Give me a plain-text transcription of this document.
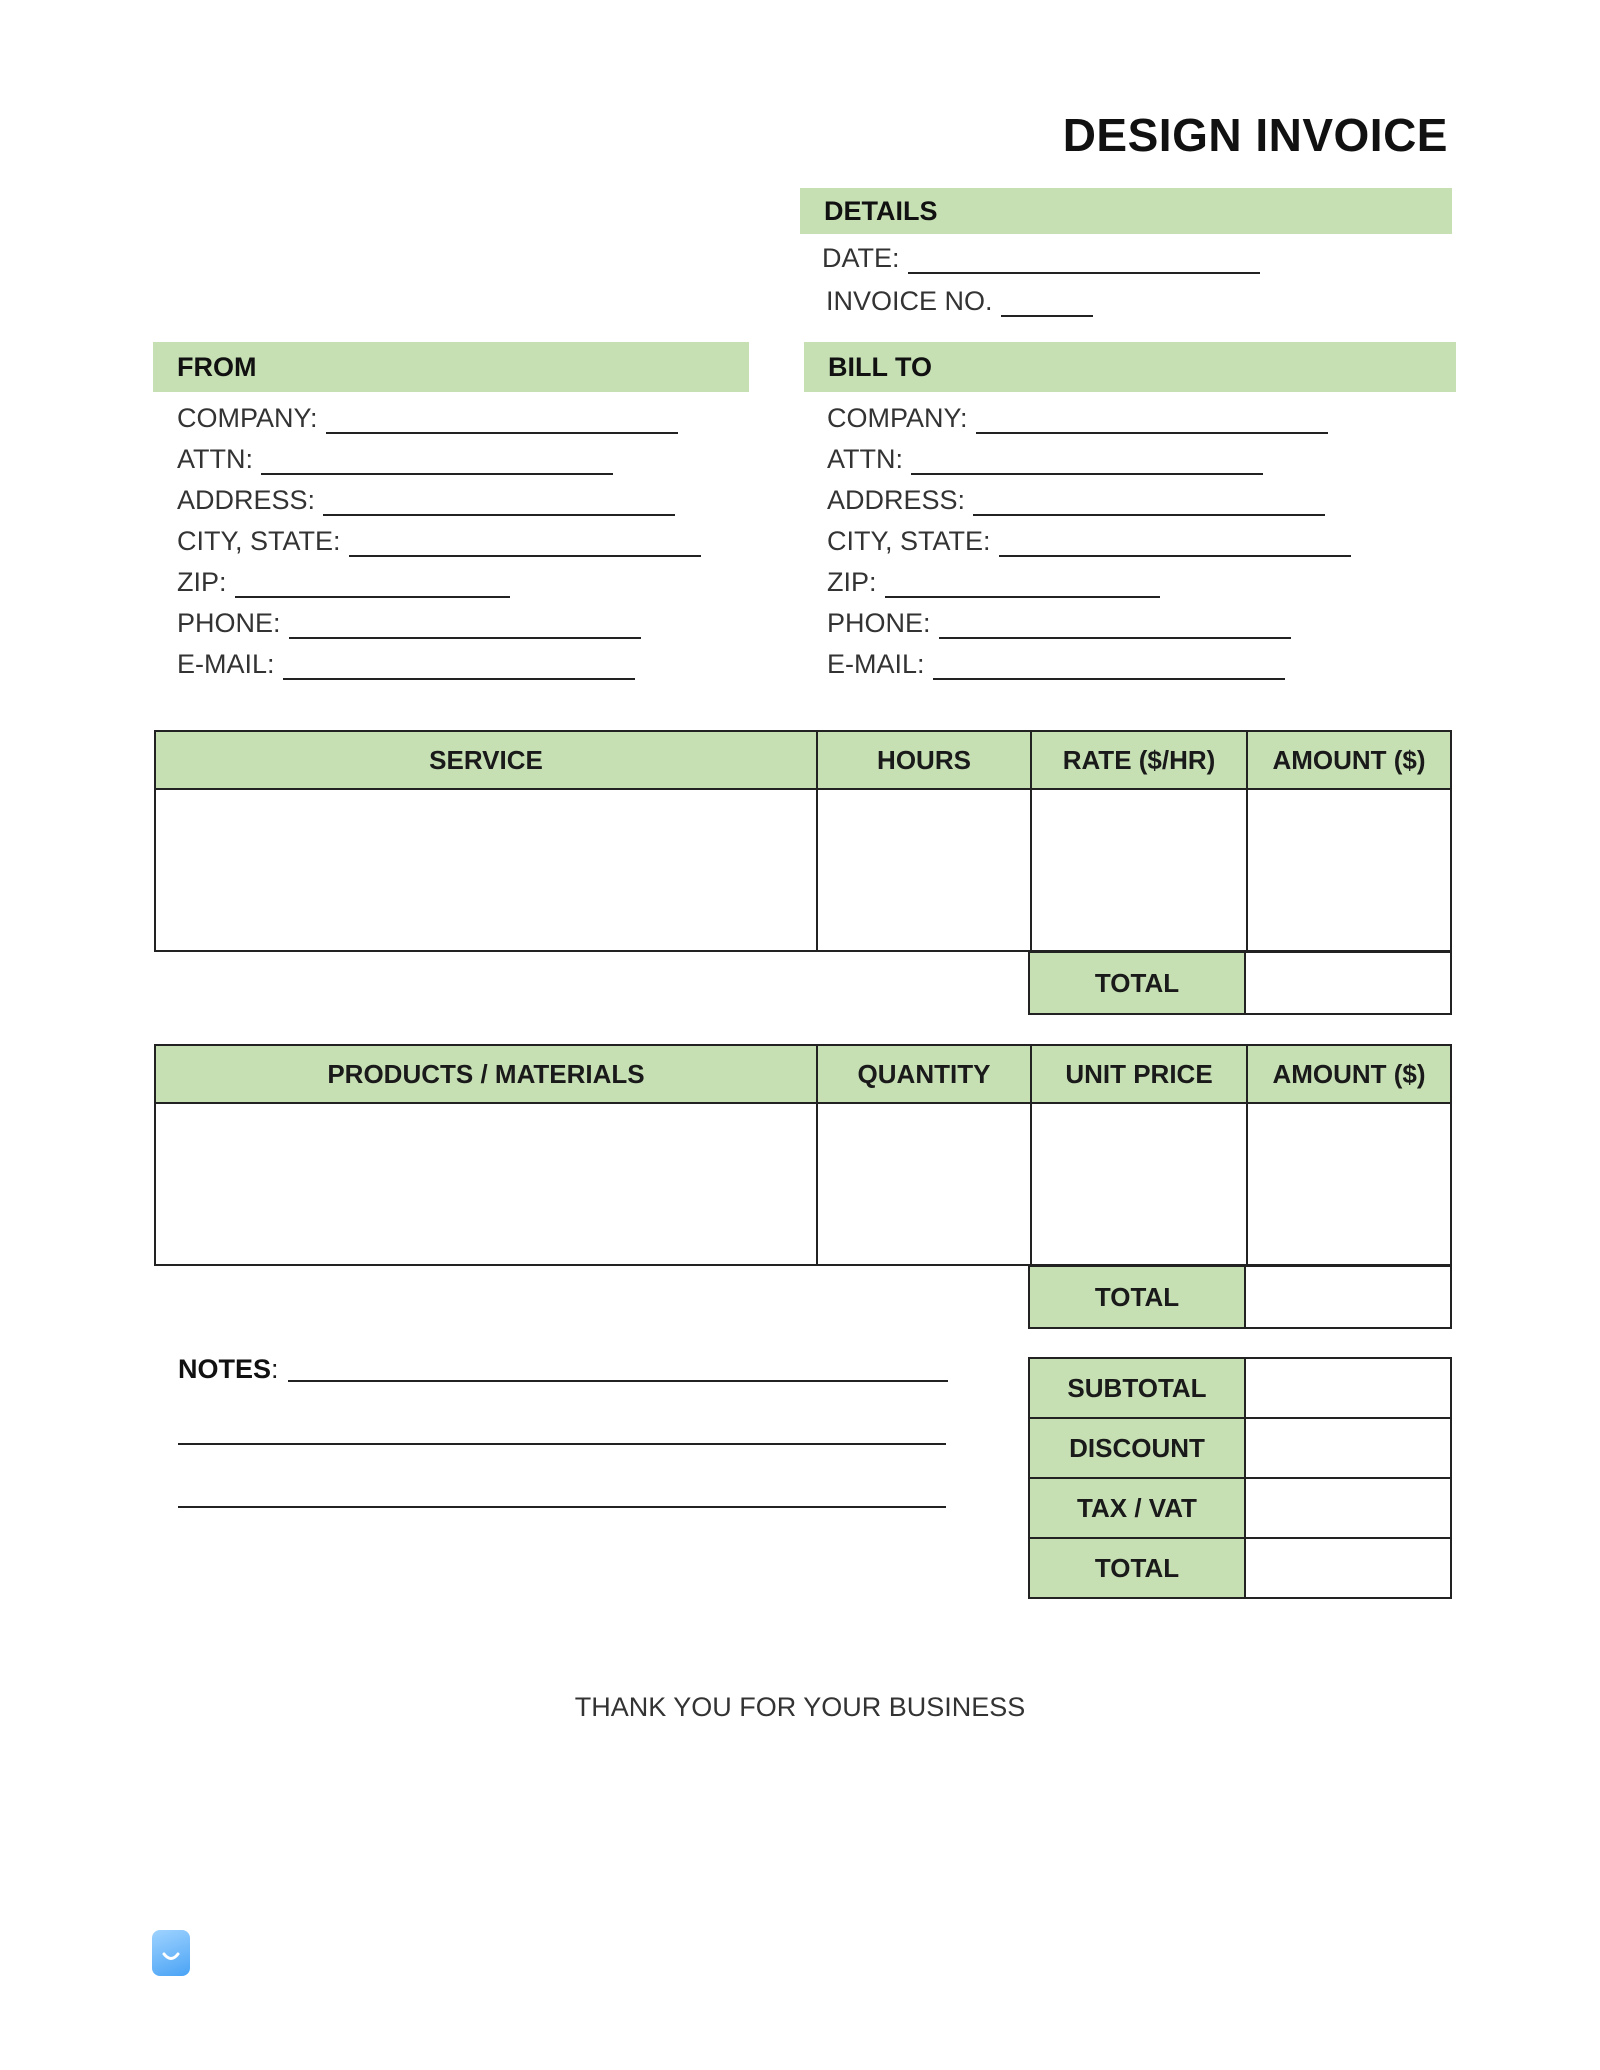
DESIGN INVOICE
DETAILS
DATE:
INVOICE NO.
FROM
COMPANY:
ATTN:
ADDRESS:
CITY, STATE:
ZIP:
PHONE:
E-MAIL:
BILL TO
COMPANY:
ATTN:
ADDRESS:
CITY, STATE:
ZIP:
PHONE:
E-MAIL:
SERVICE	HOURS	RATE ($/HR)	AMOUNT ($)

TOTAL	
PRODUCTS / MATERIALS	QUANTITY	UNIT PRICE	AMOUNT ($)

TOTAL	
NOTES :
SUBTOTAL	
DISCOUNT	
TAX / VAT	
TOTAL	
THANK YOU FOR YOUR BUSINESS
